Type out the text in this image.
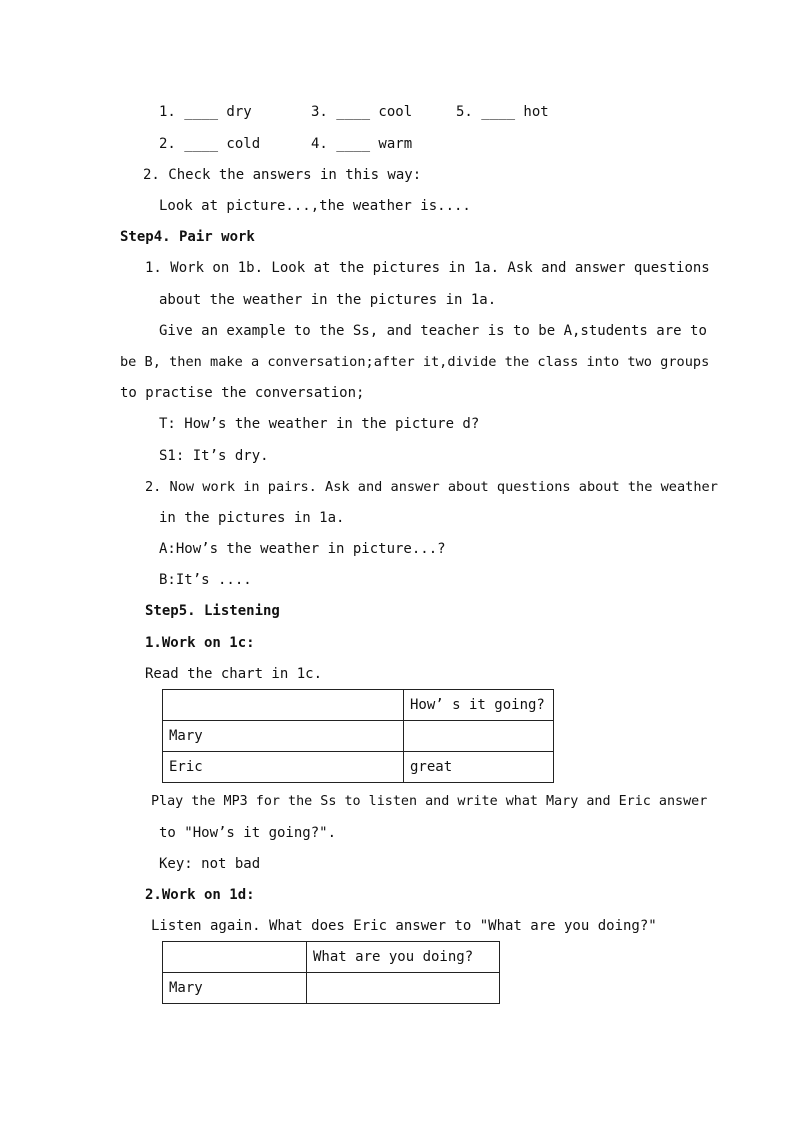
1. ____ dry	3. ____ cool	5. ____ hot
2. ____ cold	4. ____ warm
2. Check the answers in this way:
Look at picture...,the weather is....
Step4. Pair work
1. Work on 1b. Look at the pictures in 1a. Ask and answer questions
about the weather in the pictures in 1a.
Give an example to the Ss, and teacher is to be A,students are to
be B, then make a conversation;after it,divide the class into two groups
to practise the conversation;
T: How’s the weather in the picture d?
S1: It’s dry.
2. Now work in pairs. Ask and answer about questions about the weather
in the pictures in 1a.
A:How’s the weather in picture...?
B:It’s ....
Step5. Listening
1.Work on 1c:
Read the chart in 1c.
	How’ s it going?
Mary	
Eric	great
Play the MP3 for the Ss to listen and write what Mary and Eric answer
to "How’s it going?".
Key: not bad
2.Work on 1d:
Listen again. What does Eric answer to "What are you doing?"
	What are you doing?
Mary	
